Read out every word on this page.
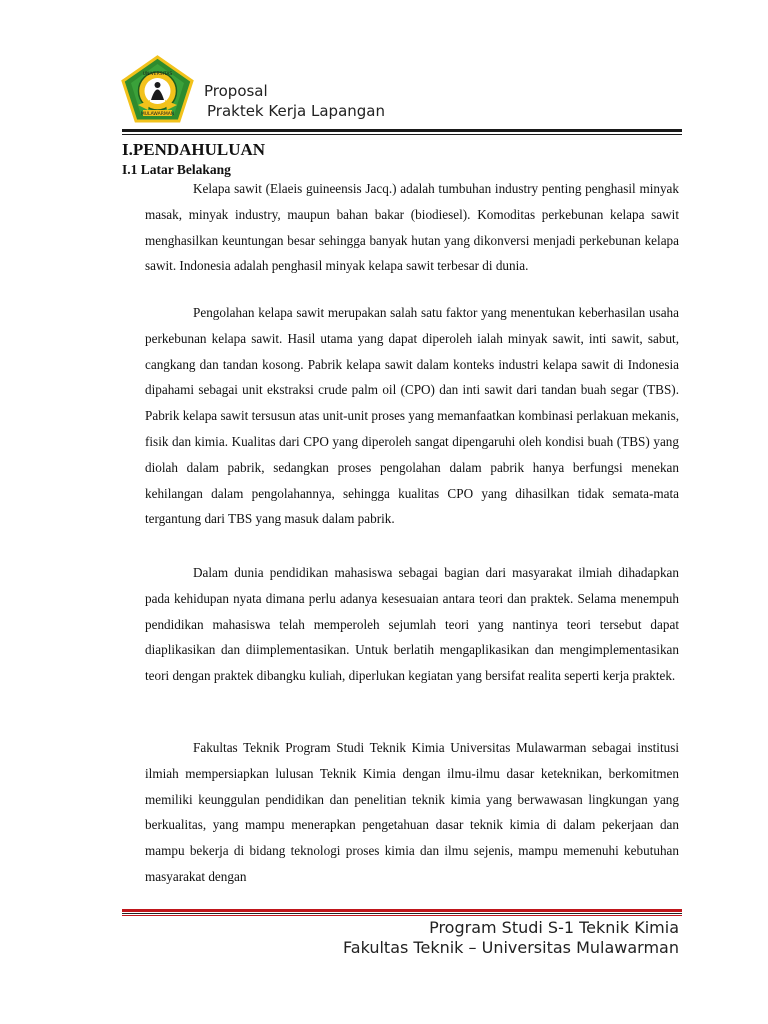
UNIVERSITAS
MULAWARMAN
Proposal
Praktek Kerja Lapangan
I.PENDAHULUAN
I.1 Latar Belakang

Kelapa sawit (Elaeis guineensis Jacq.) adalah tumbuhan industry penting penghasil minyak masak, minyak industry, maupun bahan bakar (biodiesel). Komoditas perkebunan kelapa sawit menghasilkan keuntungan besar sehingga banyak hutan yang dikonversi menjadi perkebunan kelapa sawit. Indonesia adalah penghasil minyak kelapa sawit terbesar di dunia.

Pengolahan kelapa sawit merupakan salah satu faktor yang menentukan keberhasilan usaha perkebunan kelapa sawit. Hasil utama yang dapat diperoleh ialah minyak sawit, inti sawit, sabut, cangkang dan tandan kosong. Pabrik kelapa sawit dalam konteks industri kelapa sawit di Indonesia dipahami sebagai unit ekstraksi crude palm oil (CPO) dan inti sawit dari tandan buah segar (TBS). Pabrik kelapa sawit tersusun atas unit-unit proses yang memanfaatkan kombinasi perlakuan mekanis, fisik dan kimia. Kualitas dari CPO yang diperoleh sangat dipengaruhi oleh kondisi buah (TBS) yang diolah dalam pabrik, sedangkan proses pengolahan dalam pabrik hanya berfungsi menekan kehilangan dalam pengolahannya, sehingga kualitas CPO yang dihasilkan tidak semata-mata tergantung dari TBS yang masuk dalam pabrik.

Dalam dunia pendidikan mahasiswa sebagai bagian dari masyarakat ilmiah dihadapkan pada kehidupan nyata dimana perlu adanya kesesuaian antara teori dan praktek. Selama menempuh pendidikan mahasiswa telah memperoleh sejumlah teori yang nantinya teori tersebut dapat diaplikasikan dan diimplementasikan. Untuk berlatih mengaplikasikan dan mengimplementasikan teori dengan praktek dibangku kuliah, diperlukan kegiatan yang bersifat realita seperti kerja praktek.

Fakultas Teknik Program Studi Teknik Kimia Universitas Mulawarman sebagai institusi ilmiah mempersiapkan lulusan Teknik Kimia dengan ilmu-ilmu dasar keteknikan, berkomitmen memiliki keunggulan pendidikan dan penelitian teknik kimia yang berwawasan lingkungan yang berkualitas, yang mampu menerapkan pengetahuan dasar teknik kimia di dalam pekerjaan dan mampu bekerja di bidang teknologi proses kimia dan ilmu sejenis, mampu memenuhi kebutuhan masyarakat dengan

Program Studi S-1 Teknik Kimia
Fakultas Teknik – Universitas Mulawarman
